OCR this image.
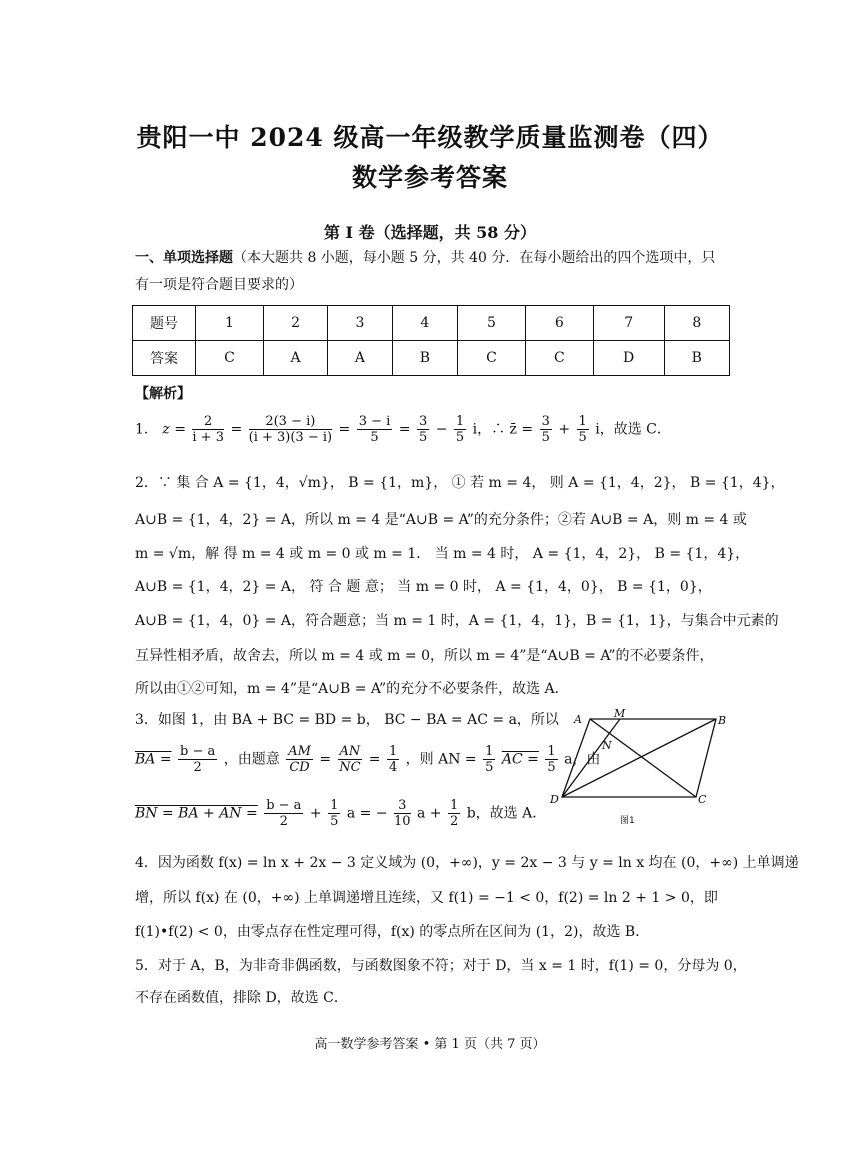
贵阳一中 2024 级高一年级教学质量监测卷（四）
数学参考答案
第 Ⅰ 卷（选择题，共 58 分）
一、单项选择题（本大题共 8 小题，每小题 5 分，共 40 分．在每小题给出的四个选项中，只
有一项是符合题目要求的）
题号	1	2	3	4	5	6	7	8
答案	C	A	A	B	C	C	D	B
【解析】
1． $z = \frac{2}{i + 3} = \frac{2(3 - i)}{(i + 3)(3 - i)} = \frac{3 - i}{5} = \frac{3}{5} - \frac{1}{5}$ i，∴ z̄ = $\frac{3}{5} + \frac{1}{5}$ i，故选 C．
2．∵ 集 合 A = {1，4，√m}， B = {1，m}， ① 若 m = 4， 则 A = {1，4，2}， B = {1，4}，
A∪B = {1，4，2} = A，所以 m = 4 是“A∪B = A”的充分条件；②若 A∪B = A，则 m = 4 或
m = √m，解 得 m = 4 或 m = 0 或 m = 1． 当 m = 4 时， A = {1，4，2}， B = {1，4}，
A∪B = {1，4，2} = A， 符 合 题 意； 当 m = 0 时， A = {1，4，0}， B = {1，0}，
A∪B = {1，4，0} = A，符合题意；当 m = 1 时，A = {1，4，1}，B = {1，1}，与集合中元素的
互异性相矛盾，故舍去，所以 m = 4 或 m = 0，所以 m = 4”是“A∪B = A”的不必要条件，
所以由①②可知，m = 4”是“A∪B = A”的充分不必要条件，故选 A．
3．如图 1，由 BA + BC = BD = b， BC − BA = AC = a，所以
BA = $\frac{b - a}{2}$ ，由题意 $\frac{AM}{CD} = \frac{AN}{NC} = \frac{1}{4}$ ，则 AN = $\frac{1}{5}$ AC = $\frac{1}{5}$ a，由
BN = BA + AN = $\frac{b - a}{2} + \frac{1}{5}$ a = − $\frac{3}{10}$ $a + \frac{1}{2}$ b，故选 A．
A	M
B
N
D	C
图1
4．因为函数 f(x) = ln x + 2x − 3 定义域为 (0，+∞)，y = 2x − 3 与 y = ln x 均在 (0，+∞) 上单调递
增，所以 f(x) 在 (0，+∞) 上单调递增且连续，又 f(1) = −1 < 0，f(2) = ln 2 + 1 > 0，即
f(1)•f(2) < 0，由零点存在性定理可得，f(x) 的零点所在区间为 (1，2)，故选 B．
5．对于 A，B，为非奇非偶函数，与函数图象不符；对于 D，当 x = 1 时，f(1) = 0，分母为 0，
不存在函数值，排除 D，故选 C．
高一数学参考答案 • 第 1 页（共 7 页）
